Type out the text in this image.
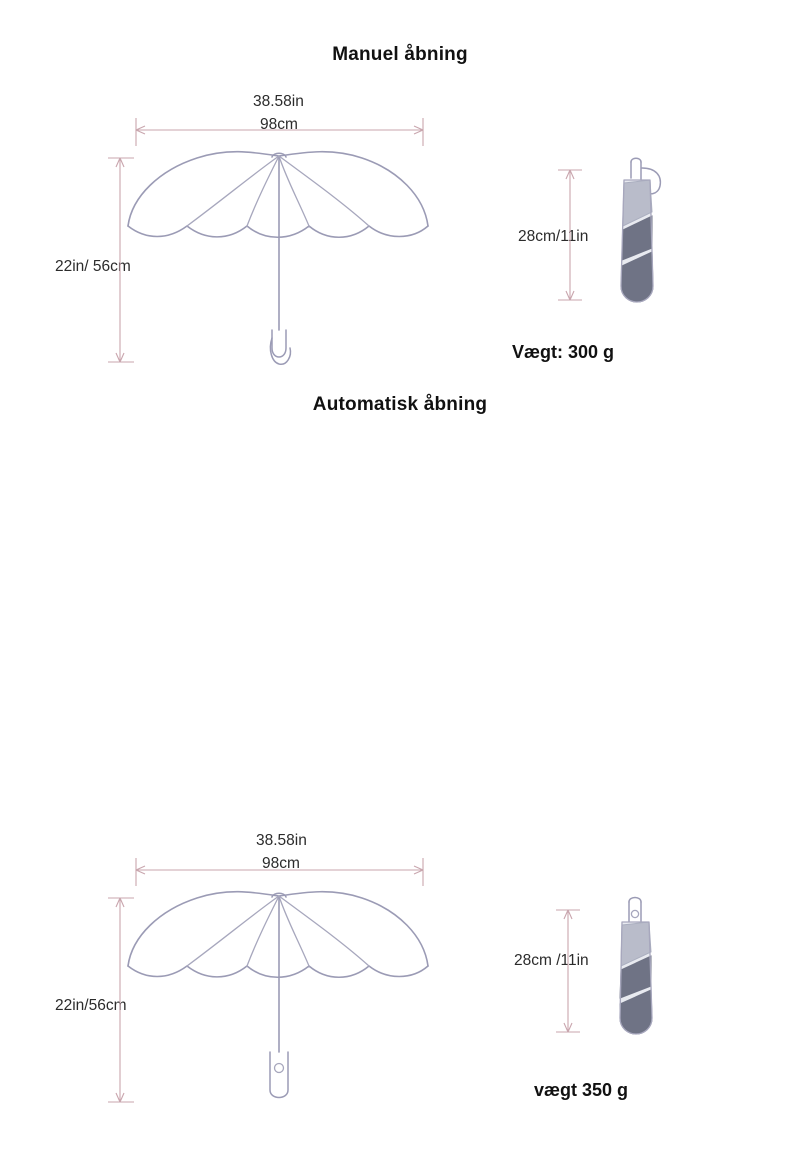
Manuel åbning
38.58in
98cm
22in/ 56cm
28cm/11in
Vægt: 300 g
Automatisk åbning
38.58in
98cm
22in/56cm
28cm /11in
vægt 350 g
